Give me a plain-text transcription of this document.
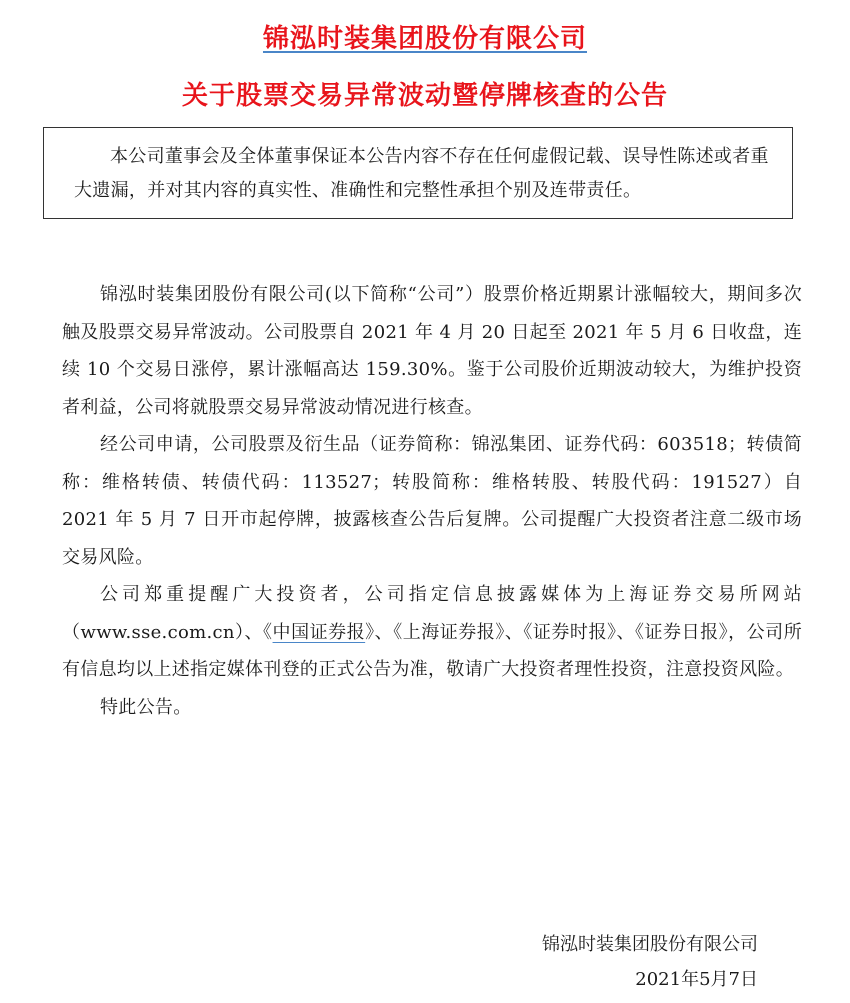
锦泓时装集团股份有限公司
关于股票交易异常波动暨停牌核查的公告

本公司董事会及全体董事保证本公告内容不存在任何虚假记载、误导性陈述或者重大遗漏，并对其内容的真实性、准确性和完整性承担个别及连带责任。

锦泓时装集团股份有限公司(以下简称“公司”）股票价格近期累计涨幅较大，期间多次触及股票交易异常波动。公司股票自 2021 年 4 月 20 日起至 2021 年 5 月 6 日收盘，连续 10 个交易日涨停，累计涨幅高达 159.30%。鉴于公司股价近期波动较大，为维护投资者利益，公司将就股票交易异常波动情况进行核查。

经公司申请，公司股票及衍生品（证券简称：锦泓集团、证券代码：603518；转债简称：维格转债、转债代码：113527；转股简称：维格转股、转股代码：191527）自 2021 年 5 月 7 日开市起停牌，披露核查公告后复牌。公司提醒广大投资者注意二级市场交易风险。

公司郑重提醒广大投资者，公司指定信息披露媒体为上海证券交易所网站（www.sse.com.cn）、《中国证券报》、《上海证券报》、《证券时报》、《证券日报》，公司所有信息均以上述指定媒体刊登的正式公告为准，敬请广大投资者理性投资，注意投资风险。

特此公告。

锦泓时装集团股份有限公司
2021年5月7日
